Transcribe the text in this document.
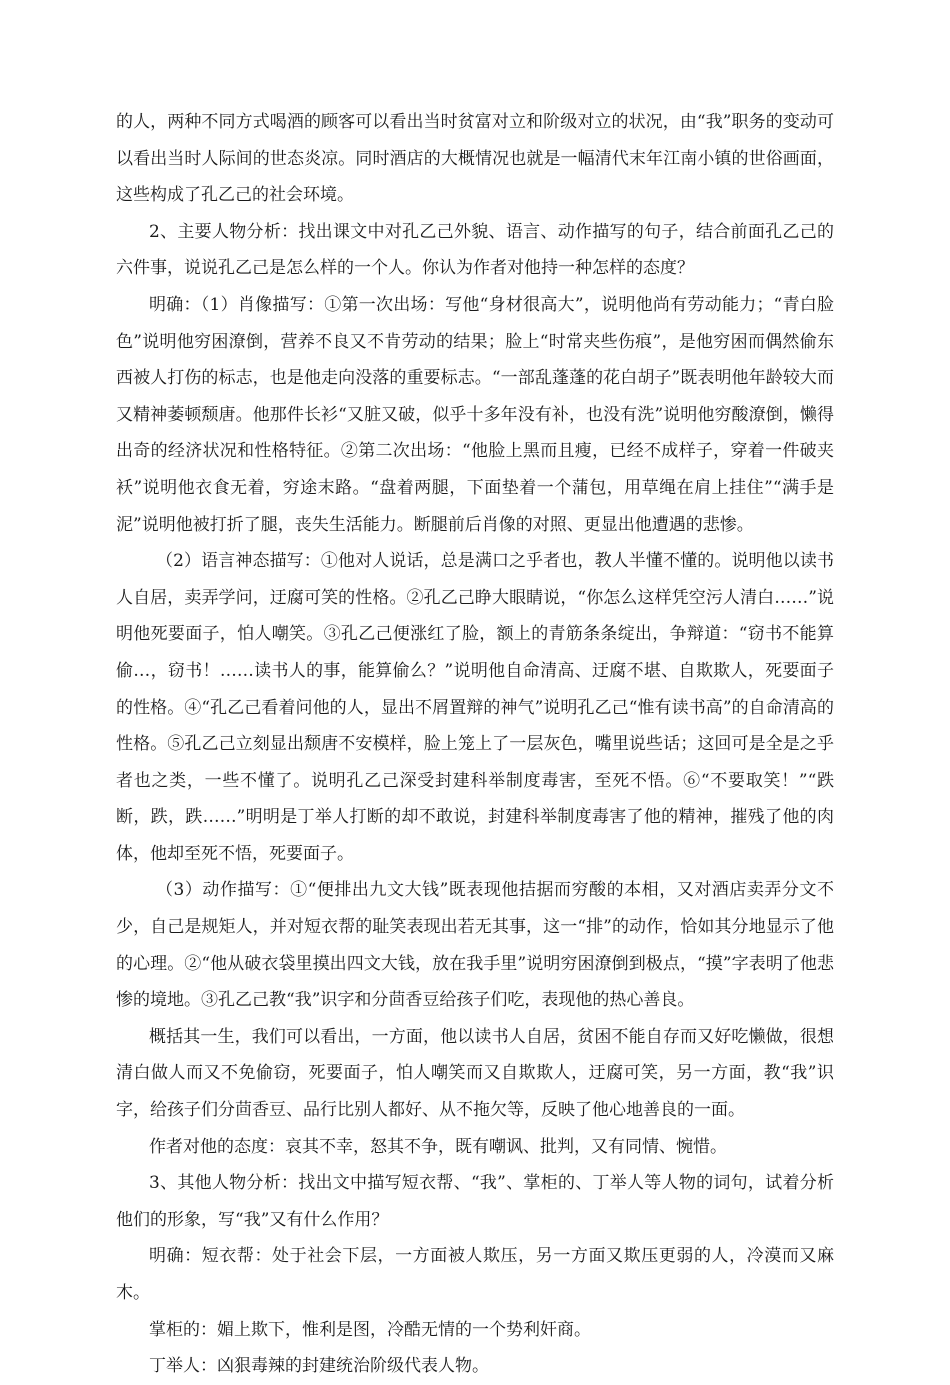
的人，两种不同方式喝酒的顾客可以看出当时贫富对立和阶级对立的状况，由“我”职务的变动可以看出当时人际间的世态炎凉。同时酒店的大概情况也就是一幅清代末年江南小镇的世俗画面，这些构成了孔乙己的社会环境。

2、主要人物分析：找出课文中对孔乙己外貌、语言、动作描写的句子，结合前面孔乙己的六件事，说说孔乙己是怎么样的一个人。你认为作者对他持一种怎样的态度？

明确：（1）肖像描写：①第一次出场：写他“身材很高大”，说明他尚有劳动能力；“青白脸色”说明他穷困潦倒，营养不良又不肯劳动的结果；脸上“时常夹些伤痕”，是他穷困而偶然偷东西被人打伤的标志，也是他走向没落的重要标志。“一部乱蓬蓬的花白胡子”既表明他年龄较大而又精神萎顿颓唐。他那件长衫“又脏又破，似乎十多年没有补，也没有洗”说明他穷酸潦倒，懒得出奇的经济状况和性格特征。②第二次出场：“他脸上黑而且瘦，已经不成样子，穿着一件破夹袄”说明他衣食无着，穷途末路。“盘着两腿，下面垫着一个蒲包，用草绳在肩上挂住”“满手是泥”说明他被打折了腿，丧失生活能力。断腿前后肖像的对照、更显出他遭遇的悲惨。

（2）语言神态描写：①他对人说话，总是满口之乎者也，教人半懂不懂的。说明他以读书人自居，卖弄学问，迂腐可笑的性格。②孔乙己睁大眼睛说，“你怎么这样凭空污人清白……”说明他死要面子，怕人嘲笑。③孔乙己便涨红了脸，额上的青筋条条绽出，争辩道：“窃书不能算偷…，窃书！……读书人的事，能算偷么？”说明他自命清高、迂腐不堪、自欺欺人，死要面子的性格。④“孔乙己看着问他的人，显出不屑置辩的神气”说明孔乙己“惟有读书高”的自命清高的性格。⑤孔乙己立刻显出颓唐不安模样，脸上笼上了一层灰色，嘴里说些话；这回可是全是之乎者也之类，一些不懂了。说明孔乙己深受封建科举制度毒害，至死不悟。⑥“不要取笑！”“跌断，跌，跌……”明明是丁举人打断的却不敢说，封建科举制度毒害了他的精神，摧残了他的肉体，他却至死不悟，死要面子。

（3）动作描写：①“便排出九文大钱”既表现他拮据而穷酸的本相，又对酒店卖弄分文不少，自己是规矩人，并对短衣帮的耻笑表现出若无其事，这一“排”的动作，恰如其分地显示了他的心理。②“他从破衣袋里摸出四文大钱，放在我手里”说明穷困潦倒到极点，“摸”字表明了他悲惨的境地。③孔乙己教“我”识字和分茴香豆给孩子们吃，表现他的热心善良。

概括其一生，我们可以看出，一方面，他以读书人自居，贫困不能自存而又好吃懒做，很想清白做人而又不免偷窃，死要面子，怕人嘲笑而又自欺欺人，迂腐可笑，另一方面，教“我”识字，给孩子们分茴香豆、品行比别人都好、从不拖欠等，反映了他心地善良的一面。

作者对他的态度：哀其不幸，怒其不争，既有嘲讽、批判，又有同情、惋惜。

3、其他人物分析：找出文中描写短衣帮、“我”、掌柜的、丁举人等人物的词句，试着分析他们的形象，写“我”又有什么作用？

明确：短衣帮：处于社会下层，一方面被人欺压，另一方面又欺压更弱的人，冷漠而又麻木。

掌柜的：媚上欺下，惟利是图，冷酷无情的一个势利奸商。

丁举人：凶狠毒辣的封建统治阶级代表人物。
